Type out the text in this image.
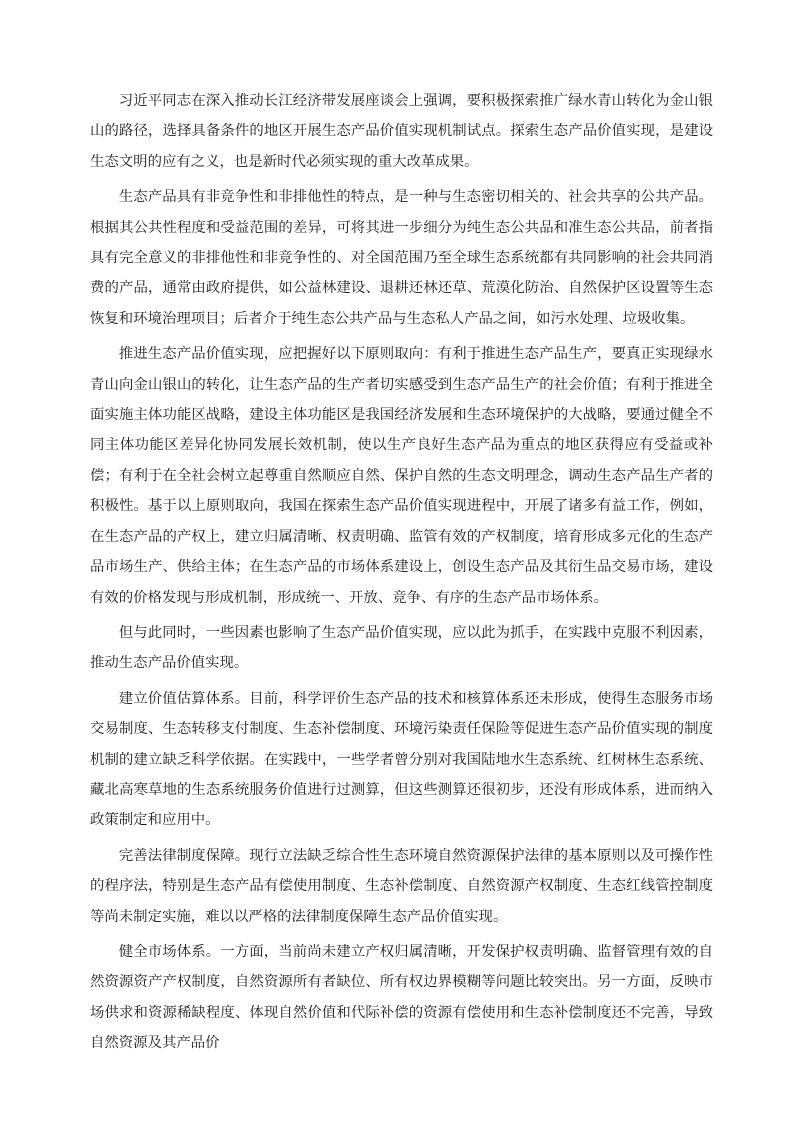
习近平同志在深入推动长江经济带发展座谈会上强调，要积极探索推广绿水青山转化为金山银山的路径，选择具备条件的地区开展生态产品价值实现机制试点。探索生态产品价值实现，是建设生态文明的应有之义，也是新时代必须实现的重大改革成果。

生态产品具有非竞争性和非排他性的特点，是一种与生态密切相关的、社会共享的公共产品。根据其公共性程度和受益范围的差异，可将其进一步细分为纯生态公共品和准生态公共品，前者指具有完全意义的非排他性和非竞争性的、对全国范围乃至全球生态系统都有共同影响的社会共同消费的产品，通常由政府提供，如公益林建设、退耕还林还草、荒漠化防治、自然保护区设置等生态恢复和环境治理项目；后者介于纯生态公共产品与生态私人产品之间，如污水处理、垃圾收集。

推进生态产品价值实现，应把握好以下原则取向：有利于推进生态产品生产，要真正实现绿水青山向金山银山的转化，让生态产品的生产者切实感受到生态产品生产的社会价值；有利于推进全面实施主体功能区战略，建设主体功能区是我国经济发展和生态环境保护的大战略，要通过健全不同主体功能区差异化协同发展长效机制，使以生产良好生态产品为重点的地区获得应有受益或补偿；有利于在全社会树立起尊重自然顺应自然、保护自然的生态文明理念，调动生态产品生产者的积极性。基于以上原则取向，我国在探索生态产品价值实现进程中，开展了诸多有益工作，例如，在生态产品的产权上，建立归属清晰、权责明确、监管有效的产权制度，培育形成多元化的生态产品市场生产、供给主体；在生态产品的市场体系建设上，创设生态产品及其衍生品交易市场，建设有效的价格发现与形成机制，形成统一、开放、竞争、有序的生态产品市场体系。

但与此同时，一些因素也影响了生态产品价值实现，应以此为抓手，在实践中克服不利因素，推动生态产品价值实现。

建立价值估算体系。目前，科学评价生态产品的技术和核算体系还未形成，使得生态服务市场交易制度、生态转移支付制度、生态补偿制度、环境污染责任保险等促进生态产品价值实现的制度机制的建立缺乏科学依据。在实践中，一些学者曾分别对我国陆地水生态系统、红树林生态系统、藏北高寒草地的生态系统服务价值进行过测算，但这些测算还很初步，还没有形成体系，进而纳入政策制定和应用中。

完善法律制度保障。现行立法缺乏综合性生态环境自然资源保护法律的基本原则以及可操作性的程序法，特别是生态产品有偿使用制度、生态补偿制度、自然资源产权制度、生态红线管控制度等尚未制定实施，难以以严格的法律制度保障生态产品价值实现。

健全市场体系。一方面，当前尚未建立产权归属清晰，开发保护权责明确、监督管理有效的自然资源资产产权制度，自然资源所有者缺位、所有权边界模糊等问题比较突出。另一方面，反映市场供求和资源稀缺程度、体现自然价值和代际补偿的资源有偿使用和生态补偿制度还不完善，导致自然资源及其产品价
